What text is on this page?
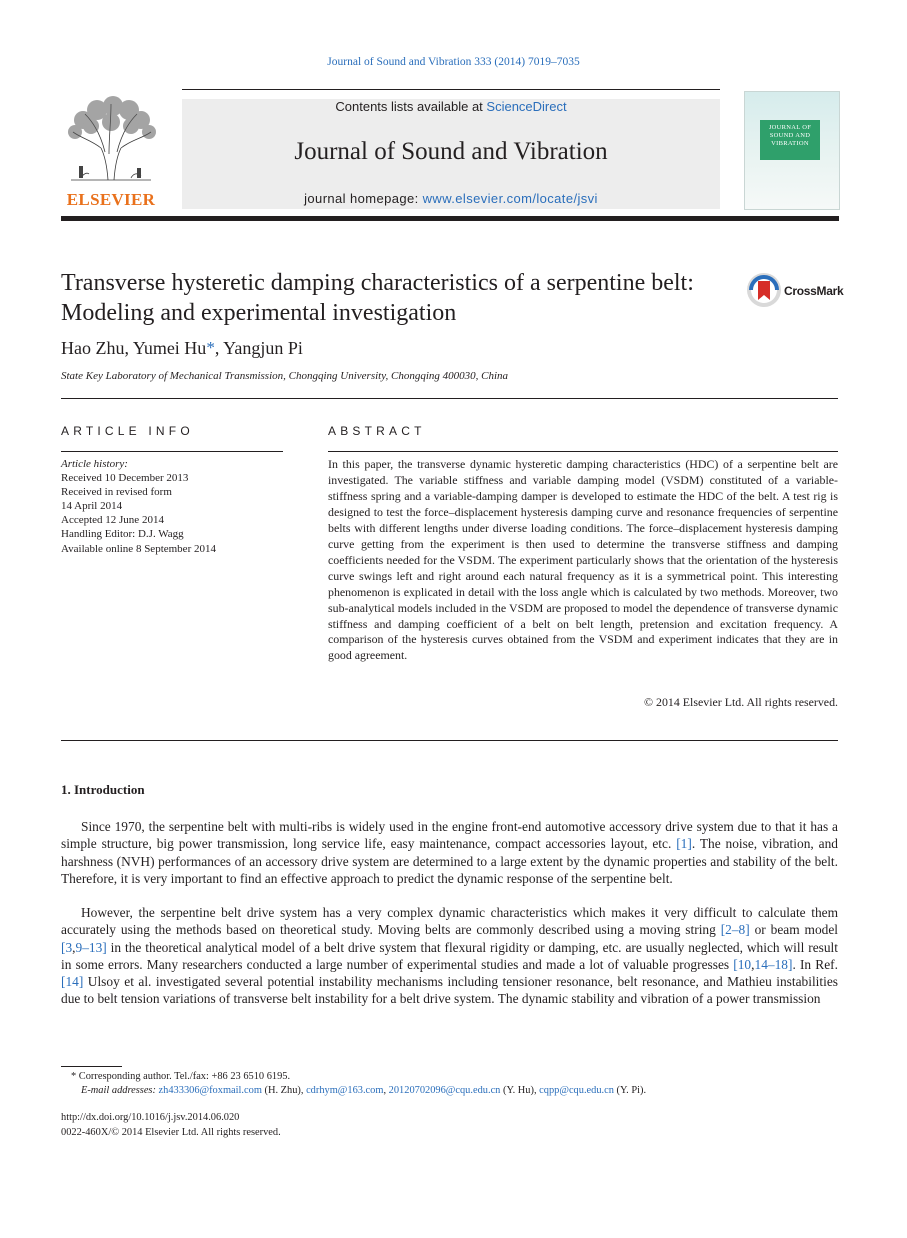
Journal of Sound and Vibration 333 (2014) 7019–7035
ELSEVIER
Contents lists available at ScienceDirect
Journal of Sound and Vibration
journal homepage: www.elsevier.com/locate/jsvi
JOURNAL OF SOUND AND VIBRATION
Transverse hysteretic damping characteristics of a serpentine belt: Modeling and experimental investigation
CrossMark
Hao Zhu, Yumei Hu*, Yangjun Pi
State Key Laboratory of Mechanical Transmission, Chongqing University, Chongqing 400030, China
ARTICLE INFO
Article history:
Received 10 December 2013
Received in revised form
14 April 2014
Accepted 12 June 2014
Handling Editor: D.J. Wagg
Available online 8 September 2014
ABSTRACT
In this paper, the transverse dynamic hysteretic damping characteristics (HDC) of a serpentine belt are investigated. The variable stiffness and variable damping model (VSDM) constituted of a variable-stiffness spring and a variable-damping damper is developed to estimate the HDC of the belt. A test rig is designed to test the force–displacement hysteresis damping curve and resonance frequencies of serpentine belts with different lengths under diverse loading conditions. The force–displacement hysteresis damping curve getting from the experiment is then used to determine the transverse stiffness and damping coefficients needed for the VSDM. The experiment particularly shows that the orientation of the hysteresis curve swings left and right around each natural frequency as it is a symmetrical point. This interesting phenomenon is explicated in detail with the loss angle which is calculated by two methods. Moreover, two sub-analytical models included in the VSDM are proposed to model the dependence of transverse dynamic stiffness and damping coefficient of a belt on belt length, pretension and excitation frequency. A comparison of the hysteresis curves obtained from the VSDM and experiment indicates that they are in good agreement.
© 2014 Elsevier Ltd. All rights reserved.
1. Introduction

Since 1970, the serpentine belt with multi-ribs is widely used in the engine front-end automotive accessory drive system due to that it has a simple structure, big power transmission, long service life, easy maintenance, compact accessories layout, etc. [1]. The noise, vibration, and harshness (NVH) performances of an accessory drive system are determined to a large extent by the dynamic properties and stability of the belt. Therefore, it is very important to find an effective approach to predict the dynamic response of the serpentine belt.

However, the serpentine belt drive system has a very complex dynamic characteristics which makes it very difficult to calculate them accurately using the methods based on theoretical study. Moving belts are commonly described using a moving string [2–8] or beam model [3,9–13] in the theoretical analytical model of a belt drive system that flexural rigidity or damping, etc. are usually neglected, which will result in some errors. Many researchers conducted a large number of experimental studies and made a lot of valuable progresses [10,14–18]. In Ref. [14] Ulsoy et al. investigated several potential instability mechanisms including tensioner resonance, belt resonance, and Mathieu instabilities due to belt tension variations of transverse belt instability for a belt drive system. The dynamic stability and vibration of a power transmission

* Corresponding author. Tel./fax: +86 23 6510 6195.
E-mail addresses: zh433306@foxmail.com (H. Zhu), cdrhym@163.com, 20120702096@cqu.edu.cn (Y. Hu), cqpp@cqu.edu.cn (Y. Pi).
http://dx.doi.org/10.1016/j.jsv.2014.06.020
0022-460X/© 2014 Elsevier Ltd. All rights reserved.
